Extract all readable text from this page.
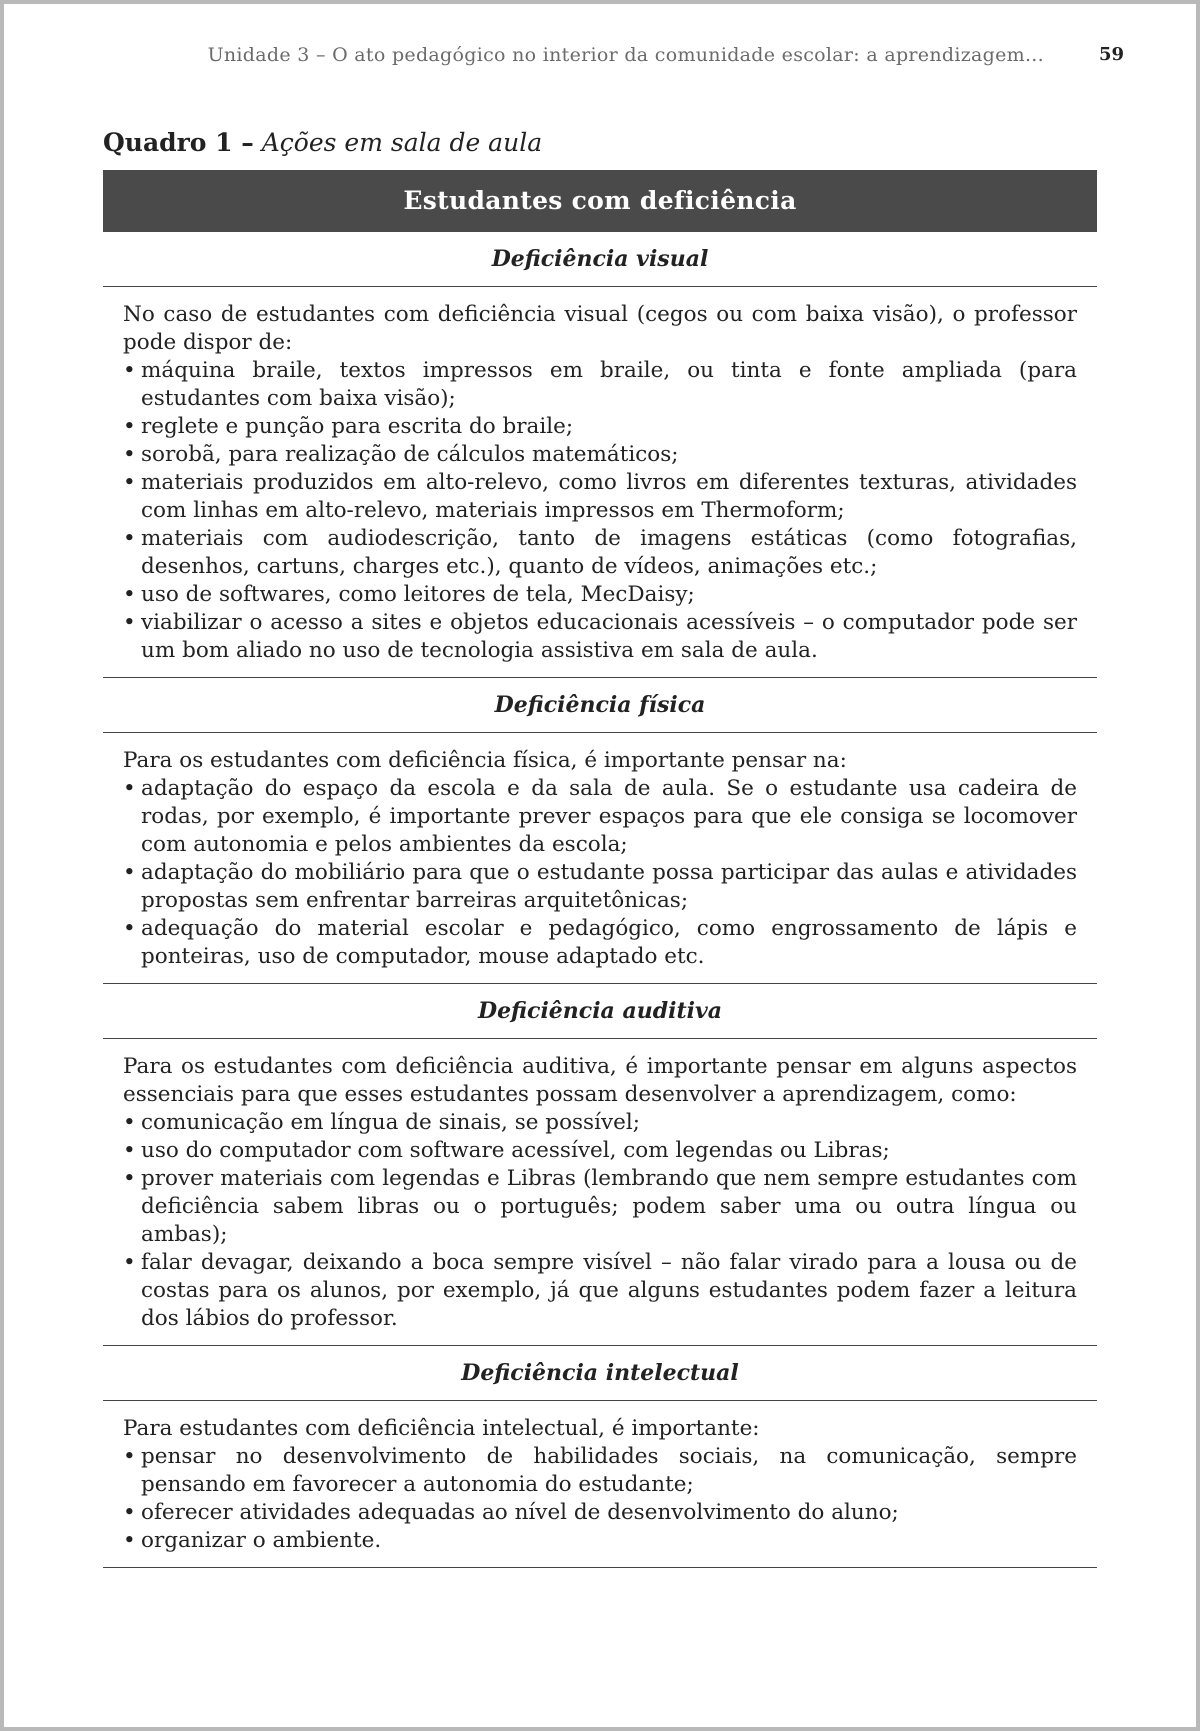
Unidade 3 – O ato pedagógico no interior da comunidade escolar: a aprendizagem...	59
Quadro 1 – Ações em sala de aula
Estudantes com deficiência
Deficiência visual

No caso de estudantes com deficiência visual (cegos ou com baixa visão), o professor pode dispor de:

• máquina braile, textos impressos em braile, ou tinta e fonte ampliada (para estudantes com baixa visão);
• reglete e punção para escrita do braile;
• sorobã, para realização de cálculos matemáticos;
• materiais produzidos em alto-relevo, como livros em diferentes texturas, atividades com linhas em alto-relevo, materiais impressos em Thermoform;
• materiais com audiodescrição, tanto de imagens estáticas (como fotografias, desenhos, cartuns, charges etc.), quanto de vídeos, animações etc.;
• uso de softwares, como leitores de tela, MecDaisy;
• viabilizar o acesso a sites e objetos educacionais acessíveis – o computador pode ser um bom aliado no uso de tecnologia assistiva em sala de aula.
Deficiência física

Para os estudantes com deficiência física, é importante pensar na:

• adaptação do espaço da escola e da sala de aula. Se o estudante usa cadeira de rodas, por exemplo, é importante prever espaços para que ele consiga se locomover com autonomia e pelos ambientes da escola;
• adaptação do mobiliário para que o estudante possa participar das aulas e atividades propostas sem enfrentar barreiras arquitetônicas;
• adequação do material escolar e pedagógico, como engrossamento de lápis e ponteiras, uso de computador, mouse adaptado etc.
Deficiência auditiva

Para os estudantes com deficiência auditiva, é importante pensar em alguns aspectos essenciais para que esses estudantes possam desenvolver a aprendizagem, como:

• comunicação em língua de sinais, se possível;
• uso do computador com software acessível, com legendas ou Libras;
• prover materiais com legendas e Libras (lembrando que nem sempre estudantes com deficiência sabem libras ou o português; podem saber uma ou outra língua ou ambas);
• falar devagar, deixando a boca sempre visível – não falar virado para a lousa ou de costas para os alunos, por exemplo, já que alguns estudantes podem fazer a leitura dos lábios do professor.
Deficiência intelectual

Para estudantes com deficiência intelectual, é importante:

• pensar no desenvolvimento de habilidades sociais, na comunicação, sempre pensando em favorecer a autonomia do estudante;
• oferecer atividades adequadas ao nível de desenvolvimento do aluno;
• organizar o ambiente.
